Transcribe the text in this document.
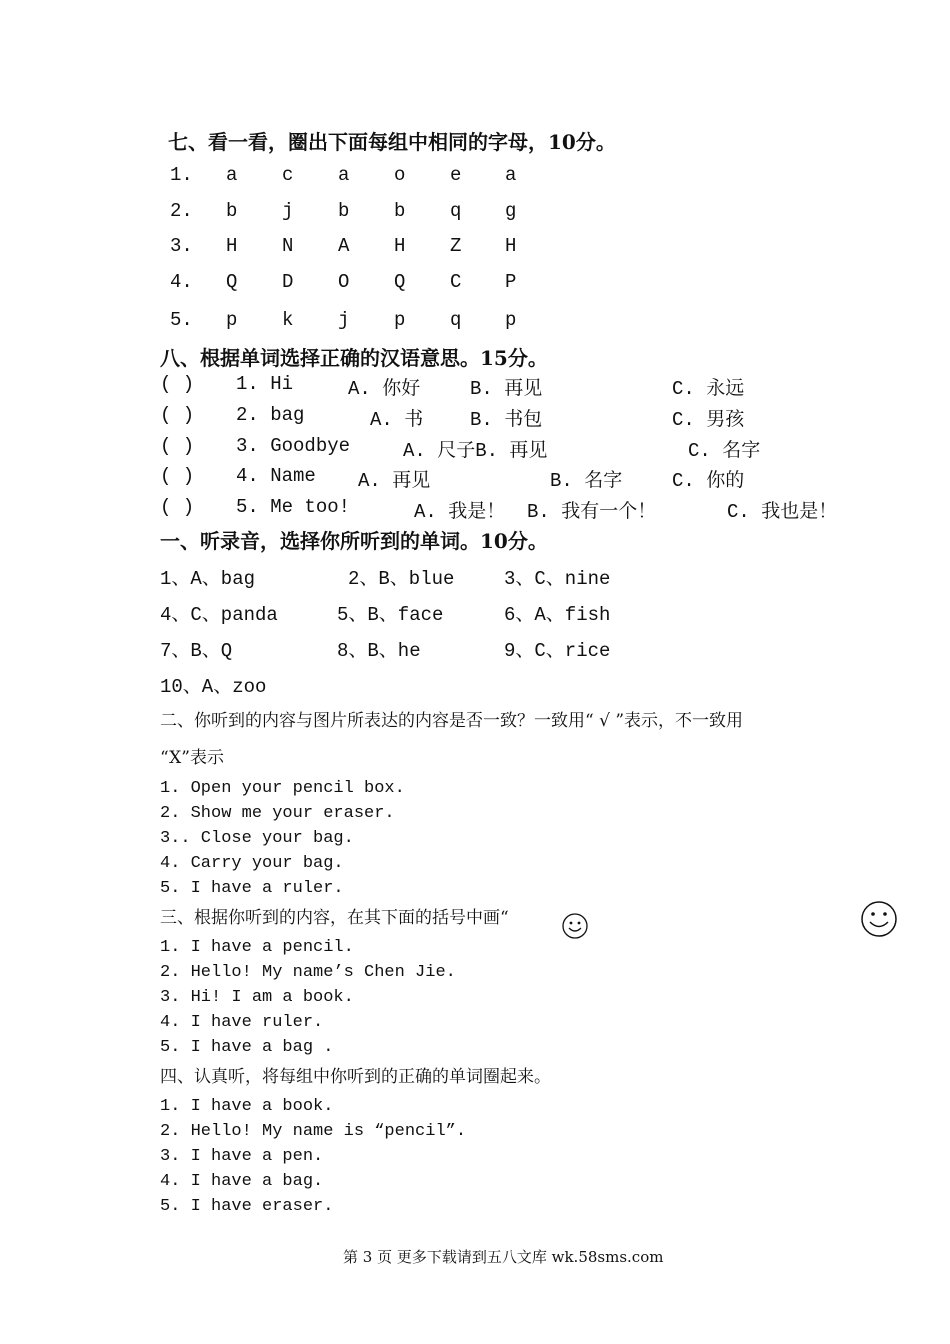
七、看一看，圈出下面每组中相同的字母，10分。
1. a c a o e a
2. b j b b q g
3. H N A H Z H
4. Q D O Q C P
5. p k j p q p
八、根据单词选择正确的汉语意思。15分。
( ) 1. Hi	A. 你好	B. 再见	C. 永远
( ) 2. bag	A. 书 B. 书包	C. 男孩
( ) 3. Goodbye	A. 尺子B. 再见	C. 名字
( ) 4. Name A. 再见	B. 名字	C. 你的
( ) 5. Me too!	A. 我是！ B. 我有一个！	C. 我也是！
一、听录音，选择你所听到的单词。10分。
1、A、bag	2、B、blue	3、C、nine
4、C、panda	5、B、face	6、A、fish
7、B、Q	8、B、he	9、C、rice
10、A、zoo
二、你听到的内容与图片所表达的内容是否一致？一致用“ √ ”表示，不一致用
“X”表示
1. Open your pencil box.
2. Show me your eraser.
3.. Close your bag.
4. Carry your bag.
5. I have a ruler.
三、根据你听到的内容，在其下面的括号中画“
1. I have a pencil.
2. Hello! My name’s Chen Jie.
3. Hi! I am a book.
4. I have ruler.
5. I have a bag .
四、认真听，将每组中你听到的正确的单词圈起来。
1. I have a book.
2. Hello! My name is “pencil”.
3. I have a pen.
4. I have a bag.
5. I have eraser.
第 3 页 更多下载请到五八文库 wk.58sms.com
